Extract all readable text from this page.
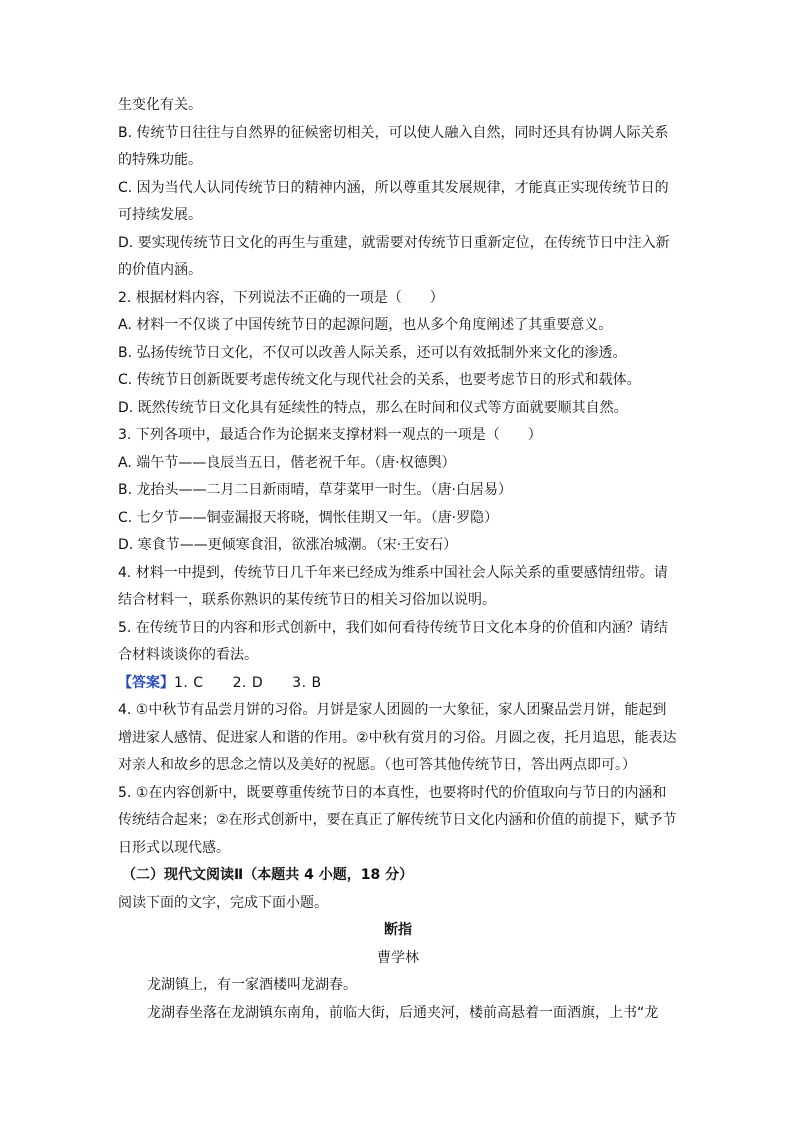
生变化有关。
B. 传统节日往往与自然界的征候密切相关，可以使人融入自然，同时还具有协调人际关系
的特殊功能。
C. 因为当代人认同传统节日的精神内涵，所以尊重其发展规律，才能真正实现传统节日的
可持续发展。
D. 要实现传统节日文化的再生与重建，就需要对传统节日重新定位，在传统节日中注入新
的价值内涵。
2. 根据材料内容，下列说法不正确的一项是（　　）
A. 材料一不仅谈了中国传统节日的起源问题，也从多个角度阐述了其重要意义。
B. 弘扬传统节日文化，不仅可以改善人际关系，还可以有效抵制外来文化的渗透。
C. 传统节日创新既要考虑传统文化与现代社会的关系，也要考虑节日的形式和载体。
D. 既然传统节日文化具有延续性的特点，那么在时间和仪式等方面就要顺其自然。
3. 下列各项中，最适合作为论据来支撑材料一观点的一项是（　　）
A. 端午节——良辰当五日，偕老祝千年。（唐·权德舆）
B. 龙抬头——二月二日新雨晴，草芽菜甲一时生。（唐·白居易）
C. 七夕节——铜壶漏报天将晓，惆怅佳期又一年。（唐·罗隐）
D. 寒食节——更倾寒食泪，欲涨冶城潮。（宋·王安石）
4. 材料一中提到，传统节日几千年来已经成为维系中国社会人际关系的重要感情纽带。请
结合材料一，联系你熟识的某传统节日的相关习俗加以说明。
5. 在传统节日的内容和形式创新中，我们如何看待传统节日文化本身的价值和内涵？请结
合材料谈谈你的看法。
【答案】1. C　　2. D　　3. B
4. ①中秋节有品尝月饼的习俗。月饼是家人团圆的一大象征，家人团聚品尝月饼，能起到
增进家人感情、促进家人和谐的作用。②中秋有赏月的习俗。月圆之夜，托月追思，能表达
对亲人和故乡的思念之情以及美好的祝愿。（也可答其他传统节日，答出两点即可。）
5. ①在内容创新中，既要尊重传统节日的本真性，也要将时代的价值取向与节日的内涵和
传统结合起来；②在形式创新中，要在真正了解传统节日文化内涵和价值的前提下，赋予节
日形式以现代感。
（二）现代文阅读Ⅱ（本题共 4 小题，18 分）
阅读下面的文字，完成下面小题。
断指
曹学林
龙湖镇上，有一家酒楼叫龙湖春。
龙湖春坐落在龙湖镇东南角，前临大街，后通夹河，楼前高悬着一面酒旗，上书“龙
